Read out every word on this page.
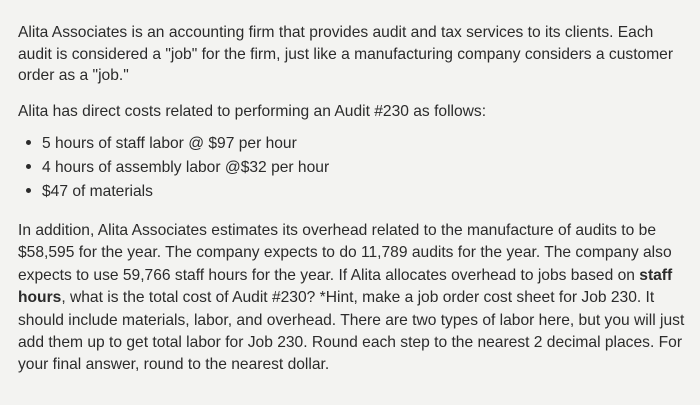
Alita Associates is an accounting firm that provides audit and tax services to its clients. Each audit is considered a "job" for the firm, just like a manufacturing company considers a customer order as a "job."

Alita has direct costs related to performing an Audit #230 as follows:

5 hours of staff labor @ $97 per hour
4 hours of assembly labor @$32 per hour
$47 of materials

In addition, Alita Associates estimates its overhead related to the manufacture of audits to be $58,595 for the year. The company expects to do 11,789 audits for the year. The company also expects to use 59,766 staff hours for the year. If Alita allocates overhead to jobs based on staff hours, what is the total cost of Audit #230? *Hint, make a job order cost sheet for Job 230. It should include materials, labor, and overhead. There are two types of labor here, but you will just add them up to get total labor for Job 230. Round each step to the nearest 2 decimal places. For your final answer, round to the nearest dollar.
